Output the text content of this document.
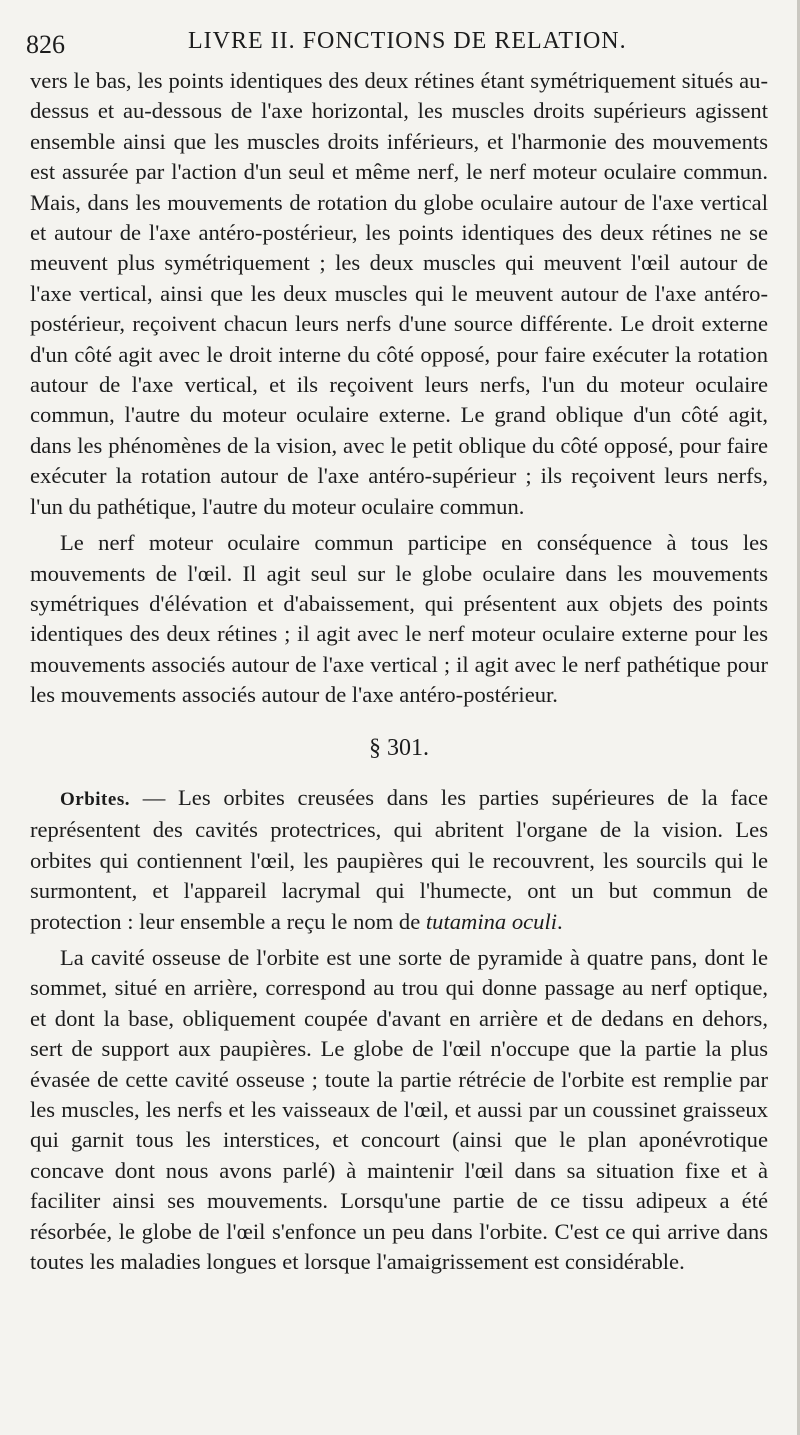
826	LIVRE II. FONCTIONS DE RELATION.

vers le bas, les points identiques des deux rétines étant symétriquement situés au-dessus et au-dessous de l'axe horizontal, les muscles droits supérieurs agissent ensemble ainsi que les muscles droits inférieurs, et l'harmonie des mouvements est assurée par l'action d'un seul et même nerf, le nerf moteur oculaire commun. Mais, dans les mouvements de rotation du globe oculaire autour de l'axe vertical et autour de l'axe antéro-postérieur, les points identiques des deux rétines ne se meuvent plus symétriquement ; les deux muscles qui meuvent l'œil autour de l'axe vertical, ainsi que les deux muscles qui le meuvent autour de l'axe antéro-postérieur, reçoivent chacun leurs nerfs d'une source différente. Le droit externe d'un côté agit avec le droit interne du côté opposé, pour faire exécuter la rotation autour de l'axe vertical, et ils reçoivent leurs nerfs, l'un du moteur oculaire commun, l'autre du moteur oculaire externe. Le grand oblique d'un côté agit, dans les phénomènes de la vision, avec le petit oblique du côté opposé, pour faire exécuter la rotation autour de l'axe antéro-supérieur ; ils reçoivent leurs nerfs, l'un du pathétique, l'autre du moteur oculaire commun.

Le nerf moteur oculaire commun participe en conséquence à tous les mouvements de l'œil. Il agit seul sur le globe oculaire dans les mouvements symétriques d'élévation et d'abaissement, qui présentent aux objets des points identiques des deux rétines ; il agit avec le nerf moteur oculaire externe pour les mouvements associés autour de l'axe vertical ; il agit avec le nerf pathétique pour les mouvements associés autour de l'axe antéro-postérieur.

§ 301.

Orbites. — Les orbites creusées dans les parties supérieures de la face représentent des cavités protectrices, qui abritent l'organe de la vision. Les orbites qui contiennent l'œil, les paupières qui le recouvrent, les sourcils qui le surmontent, et l'appareil lacrymal qui l'humecte, ont un but commun de protection : leur ensemble a reçu le nom de tutamina oculi.

La cavité osseuse de l'orbite est une sorte de pyramide à quatre pans, dont le sommet, situé en arrière, correspond au trou qui donne passage au nerf optique, et dont la base, obliquement coupée d'avant en arrière et de dedans en dehors, sert de support aux paupières. Le globe de l'œil n'occupe que la partie la plus évasée de cette cavité osseuse ; toute la partie rétrécie de l'orbite est remplie par les muscles, les nerfs et les vaisseaux de l'œil, et aussi par un coussinet graisseux qui garnit tous les interstices, et concourt (ainsi que le plan aponévrotique concave dont nous avons parlé) à maintenir l'œil dans sa situation fixe et à faciliter ainsi ses mouvements. Lorsqu'une partie de ce tissu adipeux a été résorbée, le globe de l'œil s'enfonce un peu dans l'orbite. C'est ce qui arrive dans toutes les maladies longues et lorsque l'amaigrissement est considérable.
